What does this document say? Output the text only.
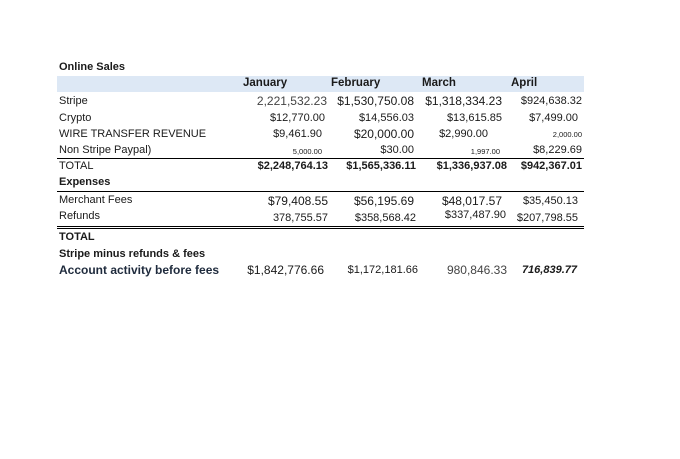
Online Sales
January	February	March	April
Stripe	2,221,532.23 $1,530,750.08 $1,318,334.23 $924,638.32
Crypto	$12,770.00	$14,556.03	$13,615.85 $7,499.00
WIRE TRANSFER REVENUE	$9,461.90	$20,000.00 $2,990.00	2,000.00
Non Stripe Paypal)	5,000.00	$30.00	1,997.00	$8,229.69
TOTAL	$2,248,764.13 $1,565,336.11 $1,336,937.08 $942,367.01
Expenses
Merchant Fees	$79,408.55 $56,195.69 $48,017.57 $35,450.13
Refunds	378,755.57 $358,568.42	$337,487.90 $207,798.55
TOTAL
Stripe minus refunds & fees
Account activity before fees $1,842,776.66 $1,172,181.66 980,846.33 716,839.77
